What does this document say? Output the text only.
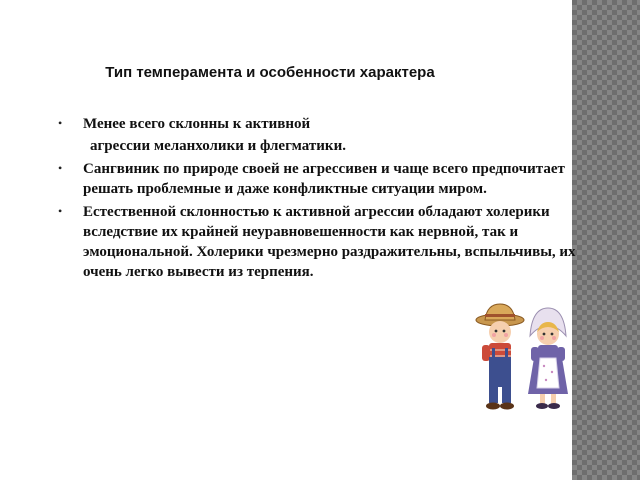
Тип темперамента и особенности характера
• Менее всего склонны к активной
агрессии меланхолики и флегматики.
• Сангвиник по природе своей не агрессивен и чаще всего предпочитает решать проблемные и даже конфликтные ситуации миром.
• Естественной склонностью к активной агрессии обладают холерики вследствие их крайней неуравновешенности как нервной, так и эмоциональной. Холерики чрезмерно раздражительны, вспыльчивы, их очень легко вывести из терпения.
